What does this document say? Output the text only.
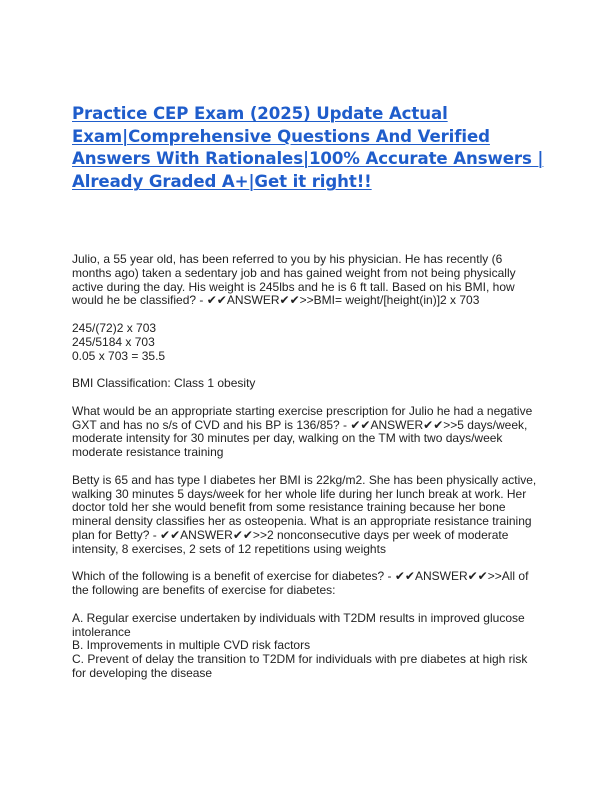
Practice CEP Exam (2025) Update Actual
Exam|Comprehensive Questions And Verified
Answers With Rationales|100% Accurate Answers |
Already Graded A+|Get it right!!

Julio, a 55 year old, has been referred to you by his physician. He has recently (6
months ago) taken a sedentary job and has gained weight from not being physically
active during the day. His weight is 245lbs and he is 6 ft tall. Based on his BMI, how
would he be classified? - ✔✔ANSWER✔✔>>BMI= weight/[height(in)]2 x 703

245/(72)2 x 703
245/5184 x 703
0.05 x 703 = 35.5

BMI Classification: Class 1 obesity

What would be an appropriate starting exercise prescription for Julio he had a negative
GXT and has no s/s of CVD and his BP is 136/85? - ✔✔ANSWER✔✔>>5 days/week,
moderate intensity for 30 minutes per day, walking on the TM with two days/week
moderate resistance training

Betty is 65 and has type I diabetes her BMI is 22kg/m2. She has been physically active,
walking 30 minutes 5 days/week for her whole life during her lunch break at work. Her
doctor told her she would benefit from some resistance training because her bone
mineral density classifies her as osteopenia. What is an appropriate resistance training
plan for Betty? - ✔✔ANSWER✔✔>>2 nonconsecutive days per week of moderate
intensity, 8 exercises, 2 sets of 12 repetitions using weights

Which of the following is a benefit of exercise for diabetes? - ✔✔ANSWER✔✔>>All of
the following are benefits of exercise for diabetes:

A. Regular exercise undertaken by individuals with T2DM results in improved glucose
intolerance
B. Improvements in multiple CVD risk factors
C. Prevent of delay the transition to T2DM for individuals with pre diabetes at high risk
for developing the disease
